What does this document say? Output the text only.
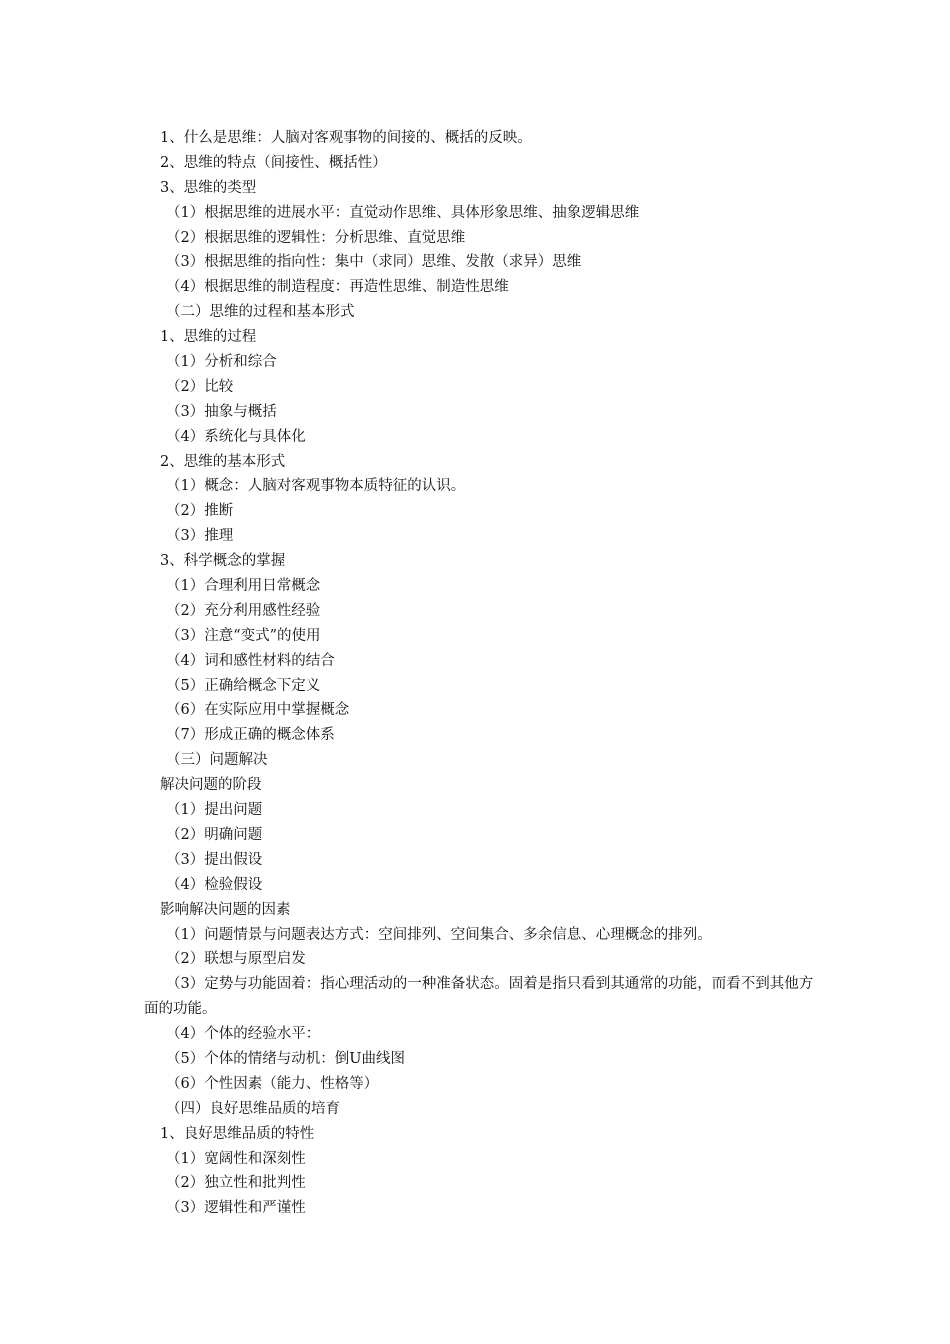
1、什么是思维：人脑对客观事物的间接的、概括的反映。
2、思维的特点（间接性、概括性）
3、思维的类型
（1）根据思维的进展水平：直觉动作思维、具体形象思维、抽象逻辑思维
（2）根据思维的逻辑性：分析思维、直觉思维
（3）根据思维的指向性：集中（求同）思维、发散（求异）思维
（4）根据思维的制造程度：再造性思维、制造性思维
（二）思维的过程和基本形式
1、思维的过程
（1）分析和综合
（2）比较
（3）抽象与概括
（4）系统化与具体化
2、思维的基本形式
（1）概念：人脑对客观事物本质特征的认识。
（2）推断
（3）推理
3、科学概念的掌握
（1）合理利用日常概念
（2）充分利用感性经验
（3）注意“变式”的使用
（4）词和感性材料的结合
（5）正确给概念下定义
（6）在实际应用中掌握概念
（7）形成正确的概念体系
（三）问题解决
解决问题的阶段
（1）提出问题
（2）明确问题
（3）提出假设
（4）检验假设
影响解决问题的因素
（1）问题情景与问题表达方式：空间排列、空间集合、多余信息、心理概念的排列。
（2）联想与原型启发
（3）定势与功能固着：指心理活动的一种准备状态。固着是指只看到其通常的功能，而看不到其他方面的功能。
（4）个体的经验水平：
（5）个体的情绪与动机：倒U曲线图
（6）个性因素（能力、性格等）
（四）良好思维品质的培育
1、良好思维品质的特性
（1）宽阔性和深刻性
（2）独立性和批判性
（3）逻辑性和严谨性
